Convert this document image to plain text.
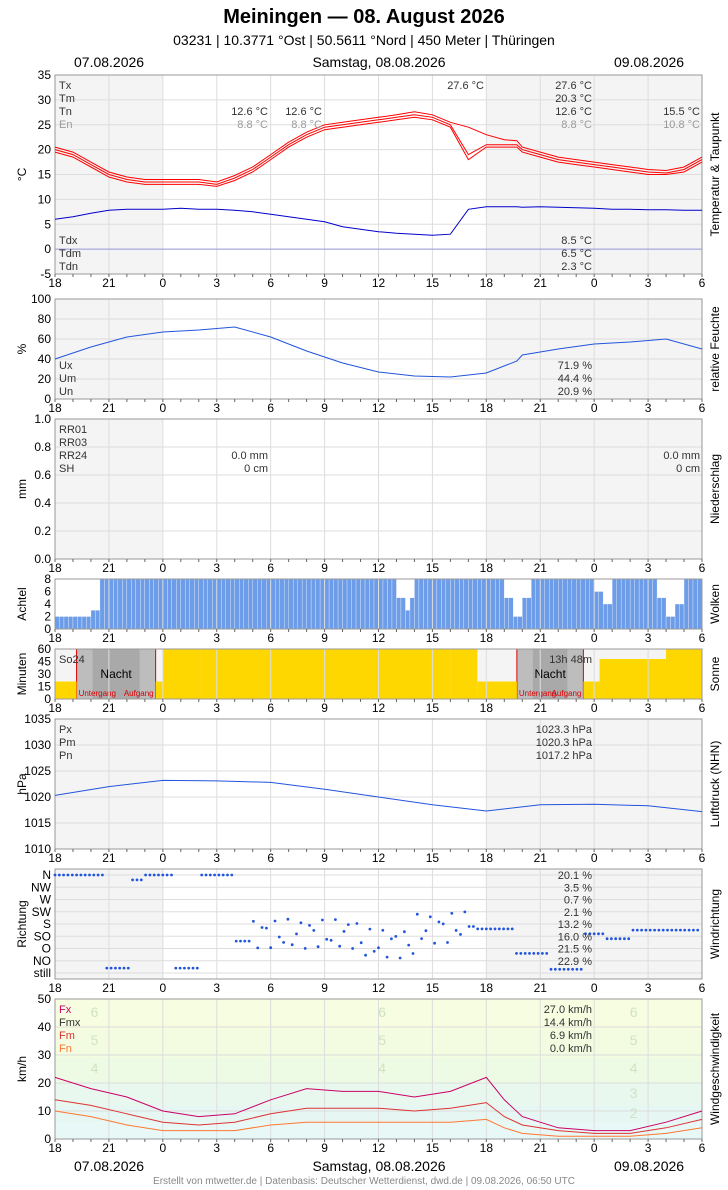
Meiningen — 08. August 2026
03231 | 10.3771 °Ost | 50.5611 °Nord | 450 Meter | Thüringen
07.08.2026	Samstag, 08.08.2026	09.08.2026
35
30
25
20
15
10
5
0
-5
18	21	0	3	6	9	12	15	18	21	0	3	6
°C	Temperatur & Taupunkt
Tx
Tm
Tn
En
12.6 °C
8.8 °C
12.6 °C
8.8 °C
27.6 °C	27.6 °C
20.3 °C
12.6 °C
8.8 °C
15.5 °C
10.8 °C
Tdx
Tdm
Tdn
8.5 °C
6.5 °C
2.3 °C
100
80
60
40
20
0
18	21	0	3	6	9	12	15	18	21	0	3	6
%	relative Feuchte
Ux
Um
Un
71.9 %
44.4 %
20.9 %
1.0
0.8
0.6
0.4
0.2
0.0
18	21	0	3	6	9	12	15	18	21	0	3	6
mm	Niederschlag
RR01
RR03
RR24
SH
0.0 mm
0 cm
0.0 mm
0 cm
8
6
4
2
0
18	21	0	3	6	9	12	15	18	21	0	3	6
Achtel	Wolken
Untergang Aufgang
Nacht
Untergang
Aufgang
Nacht
60
45
30
15
0
18	21	0	3	6	9	12	15	18	21	0	3	6
Minuten	Sonne
So24	13h 48m
1035
1030
1025
1020
1015
1010
18	21	0	3	6	9	12	15	18	21	0	3	6
hPa	Luftdruck (NHN)
Px
Pm
Pn
1023.3 hPa
1020.3 hPa
1017.2 hPa
N
NW
W
SW
S
SO
O
NO
still
18	21	0	3	6	9	12	15	18	21	0	3	6
20.1 %
3.5 %
0.7 %
2.1 %
13.2 %
16.0 %
21.5 %
22.9 %
Richtung	Windrichtung
50
40
30
20
10
0
18	21	0	3	6	9	12	15	18	21	0	3	6
6	6	6
5	5	5
4	4	4
3
2
km/h	Windgeschwindigkeit
Fx
Fmx
Fm
Fn
27.0 km/h
14.4 km/h
6.9 km/h
0.0 km/h
07.08.2026	Samstag, 08.08.2026	09.08.2026
Erstellt von mtwetter.de | Datenbasis: Deutscher Wetterdienst, dwd.de | 09.08.2026, 06:50 UTC
